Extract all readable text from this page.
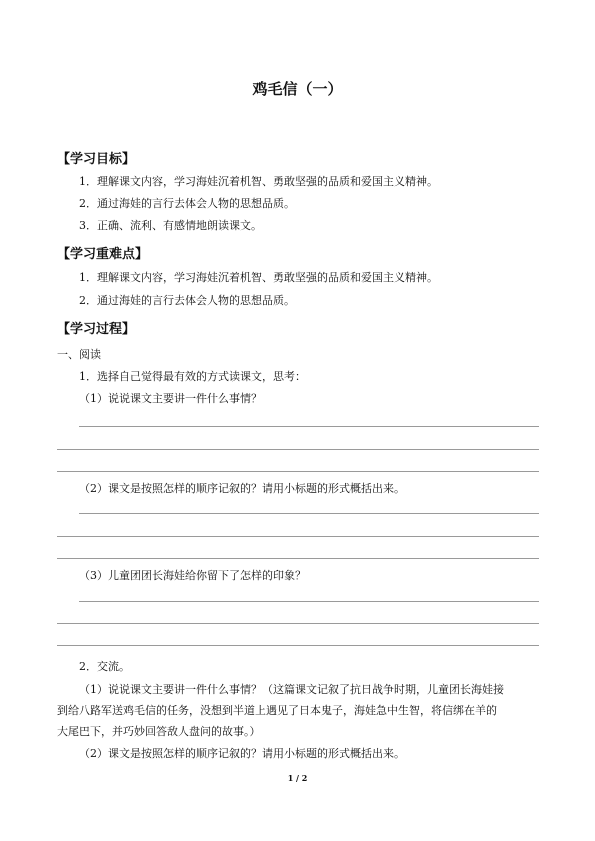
鸡毛信（一）
【学习目标】
1．理解课文内容，学习海娃沉着机智、勇敢坚强的品质和爱国主义精神。
2．通过海娃的言行去体会人物的思想品质。
3．正确、流利、有感情地朗读课文。
【学习重难点】
1．理解课文内容，学习海娃沉着机智、勇敢坚强的品质和爱国主义精神。
2．通过海娃的言行去体会人物的思想品质。
【学习过程】
一、阅读
1．选择自己觉得最有效的方式读课文，思考：
（1）说说课文主要讲一件什么事情？
（2）课文是按照怎样的顺序记叙的？请用小标题的形式概括出来。
（3）儿童团团长海娃给你留下了怎样的印象？
2．交流。
（1）说说课文主要讲一件什么事情？（这篇课文记叙了抗日战争时期，儿童团长海娃接
到给八路军送鸡毛信的任务，没想到半道上遇见了日本鬼子，海娃急中生智，将信绑在羊的
大尾巴下，并巧妙回答敌人盘问的故事。）
（2）课文是按照怎样的顺序记叙的？请用小标题的形式概括出来。
1 / 2
